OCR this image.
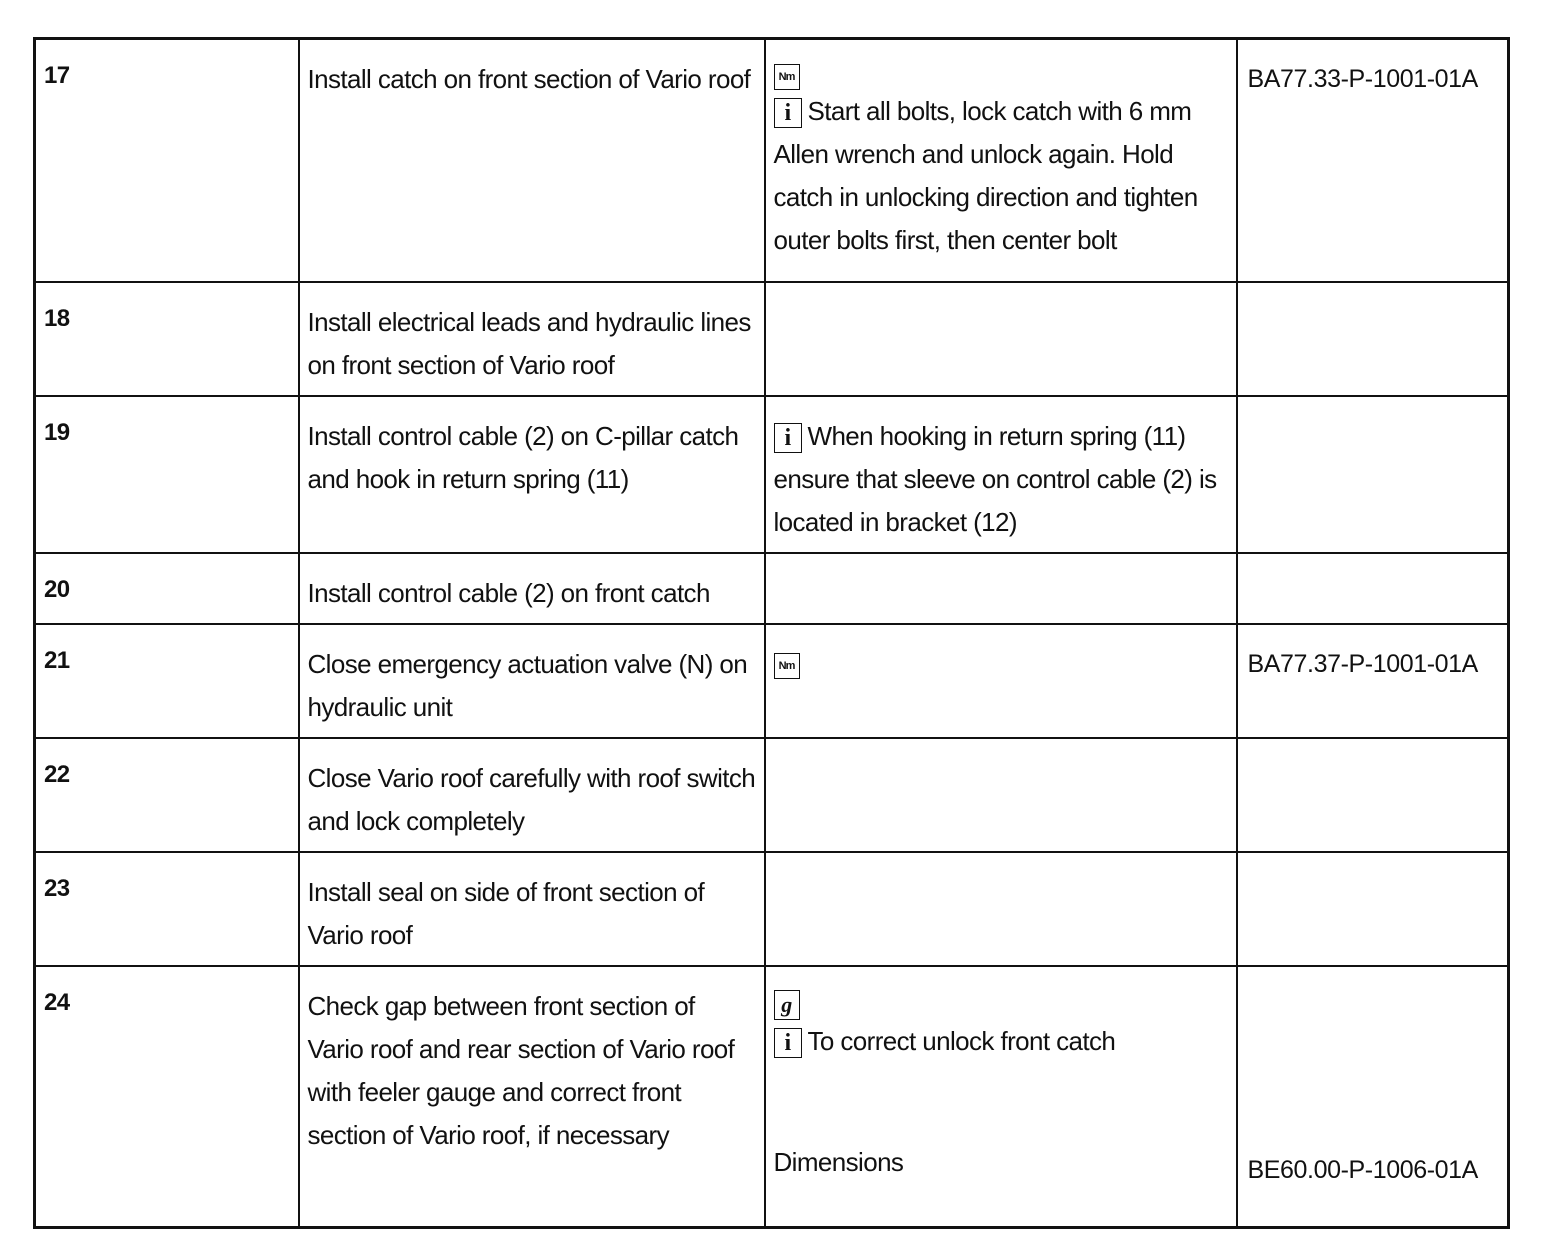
17	Install catch on front section of Vario roof	Nm
i Start all bolts, lock catch with 6 mm Allen wrench and unlock again. Hold catch in unlocking direction and tighten outer bolts first, then center bolt	BA77.33-P-1001-01A
18	Install electrical leads and hydraulic lines on front section of Vario roof		
19	Install control cable (2) on C-pillar catch and hook in return spring (11)	i When hooking in return spring (11) ensure that sleeve on control cable (2) is located in bracket (12)	
20	Install control cable (2) on front catch		
21	Close emergency actuation valve (N) on hydraulic unit	Nm	BA77.37-P-1001-01A
22	Close Vario roof carefully with roof switch and lock completely		
23	Install seal on side of front section of Vario roof		
24	Check gap between front section of Vario roof and rear section of Vario roof with feeler gauge and correct front section of Vario roof, if necessary	g
i To correct unlock front catch
Dimensions	BE60.00-P-1006-01A
